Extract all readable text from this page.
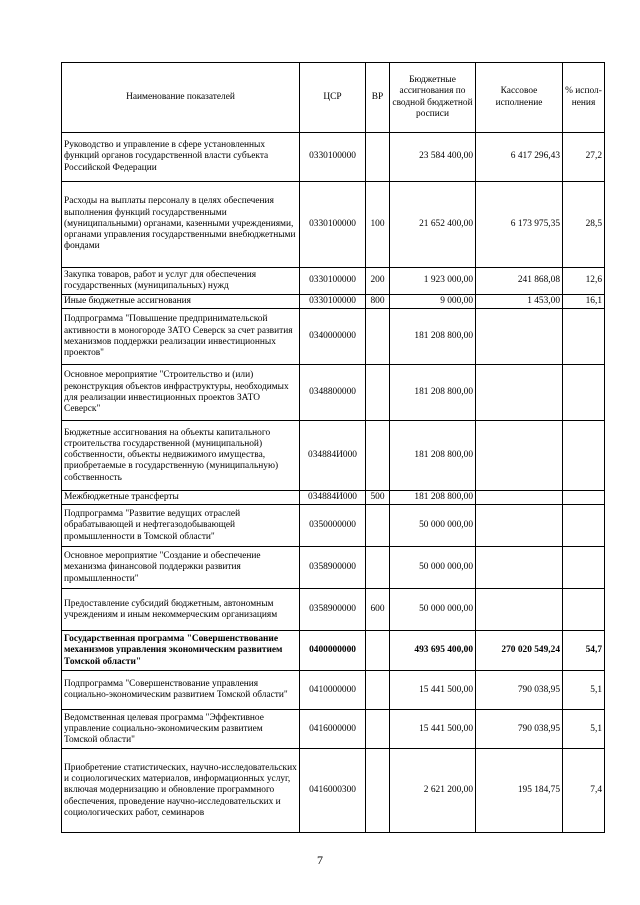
Наименование показателей	ЦСР	ВР	Бюджетные ассигнования по сводной бюджетной росписи	Кассовое исполнение	% испол-нения
Руководство и управление в сфере установленных функций органов государственной власти субъекта Российской Федерации	0330100000		23 584 400,00	6 417 296,43	27,2
Расходы на выплаты персоналу в целях обеспечения выполнения функций государственными (муниципальными) органами, казенными учреждениями, органами управления государственными внебюджетными фондами	0330100000	100	21 652 400,00	6 173 975,35	28,5
Закупка товаров, работ и услуг для обеспечения государственных (муниципальных) нужд	0330100000	200	1 923 000,00	241 868,08	12,6
Иные бюджетные ассигнования	0330100000	800	9 000,00	1 453,00	16,1
Подпрограмма "Повышение предпринимательской активности в моногороде ЗАТО Северск за счет развития механизмов поддержки реализации инвестиционных проектов"	0340000000		181 208 800,00		
Основное мероприятие "Строительство и (или) реконструкция объектов инфраструктуры, необходимых для реализации инвестиционных проектов ЗАТО Северск"	0348800000		181 208 800,00		
Бюджетные ассигнования на объекты капитального строительства государственной (муниципальной) собственности, объекты недвижимого имущества, приобретаемые в государственную (муниципальную) собственность	034884И000		181 208 800,00		
Межбюджетные трансферты	034884И000	500	181 208 800,00		
Подпрограмма "Развитие ведущих отраслей обрабатывающей и нефтегазодобывающей промышленности в Томской области"	0350000000		50 000 000,00		
Основное мероприятие "Создание и обеспечение механизма финансовой поддержки развития промышленности"	0358900000		50 000 000,00		
Предоставление субсидий бюджетным, автономным учреждениям и иным некоммерческим организациям	0358900000	600	50 000 000,00		
Государственная программа "Совершенствование механизмов управления экономическим развитием Томской области"	0400000000		493 695 400,00	270 020 549,24	54,7
Подпрограмма "Совершенствование управления социально-экономическим развитием Томской области"	0410000000		15 441 500,00	790 038,95	5,1
Ведомственная целевая программа "Эффективное управление социально-экономическим развитием Томской области"	0416000000		15 441 500,00	790 038,95	5,1
Приобретение статистических, научно-исследовательских и социологических материалов, информационных услуг, включая модернизацию и обновление программного обеспечения, проведение научно-исследовательских и социологических работ, семинаров	0416000300		2 621 200,00	195 184,75	7,4
7
